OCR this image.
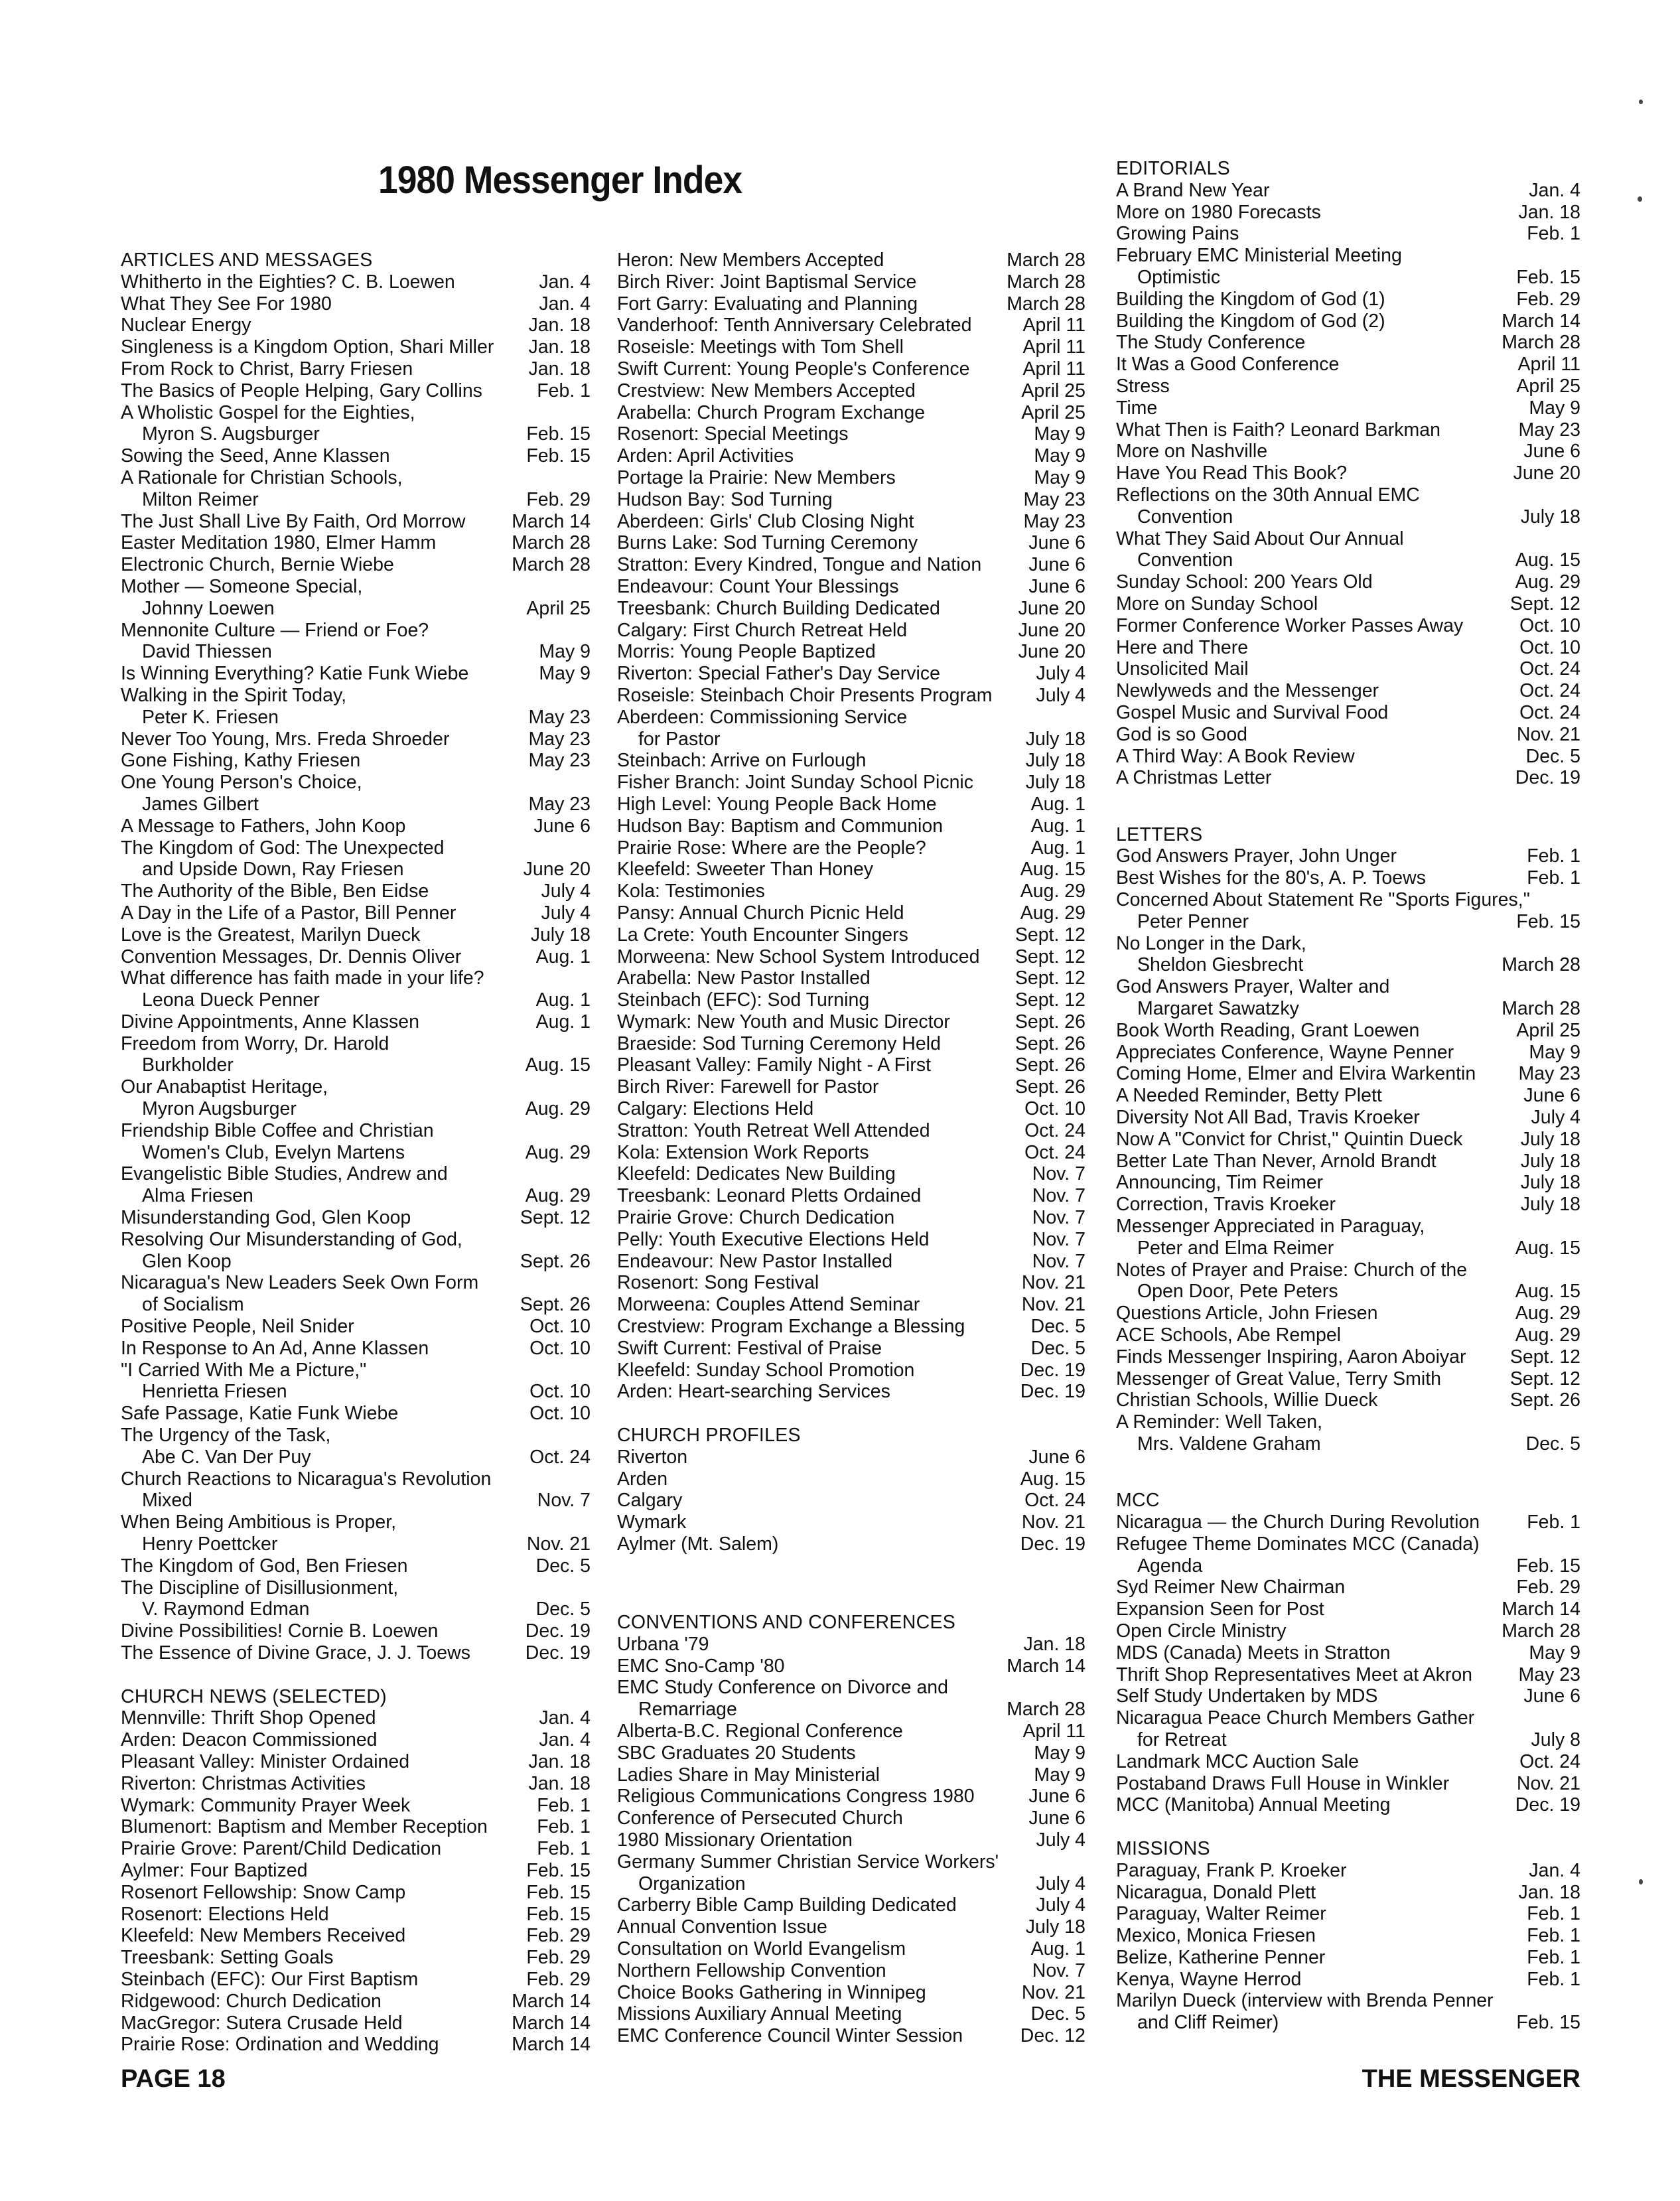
1980 Messenger Index
ARTICLES AND MESSAGES
Whitherto in the Eighties? C. B. Loewen	Jan. 4
What They See For 1980	Jan. 4
Nuclear Energy	Jan. 18
Singleness is a Kingdom Option, Shari Miller	Jan. 18
From Rock to Christ, Barry Friesen	Jan. 18
The Basics of People Helping, Gary Collins	Feb. 1
A Wholistic Gospel for the Eighties,
Myron S. Augsburger	Feb. 15
Sowing the Seed, Anne Klassen	Feb. 15
A Rationale for Christian Schools,
Milton Reimer	Feb. 29
The Just Shall Live By Faith, Ord Morrow	March 14
Easter Meditation 1980, Elmer Hamm	March 28
Electronic Church, Bernie Wiebe	March 28
Mother — Someone Special,
Johnny Loewen	April 25
Mennonite Culture — Friend or Foe?
David Thiessen	May 9
Is Winning Everything? Katie Funk Wiebe	May 9
Walking in the Spirit Today,
Peter K. Friesen	May 23
Never Too Young, Mrs. Freda Shroeder	May 23
Gone Fishing, Kathy Friesen	May 23
One Young Person's Choice,
James Gilbert	May 23
A Message to Fathers, John Koop	June 6
The Kingdom of God: The Unexpected
and Upside Down, Ray Friesen	June 20
The Authority of the Bible, Ben Eidse	July 4
A Day in the Life of a Pastor, Bill Penner	July 4
Love is the Greatest, Marilyn Dueck	July 18
Convention Messages, Dr. Dennis Oliver	Aug. 1
What difference has faith made in your life?
Leona Dueck Penner	Aug. 1
Divine Appointments, Anne Klassen	Aug. 1
Freedom from Worry, Dr. Harold
Burkholder	Aug. 15
Our Anabaptist Heritage,
Myron Augsburger	Aug. 29
Friendship Bible Coffee and Christian
Women's Club, Evelyn Martens	Aug. 29
Evangelistic Bible Studies, Andrew and
Alma Friesen	Aug. 29
Misunderstanding God, Glen Koop	Sept. 12
Resolving Our Misunderstanding of God,
Glen Koop	Sept. 26
Nicaragua's New Leaders Seek Own Form
of Socialism	Sept. 26
Positive People, Neil Snider	Oct. 10
In Response to An Ad, Anne Klassen	Oct. 10
"I Carried With Me a Picture,"
Henrietta Friesen	Oct. 10
Safe Passage, Katie Funk Wiebe	Oct. 10
The Urgency of the Task,
Abe C. Van Der Puy	Oct. 24
Church Reactions to Nicaragua's Revolution
Mixed	Nov. 7
When Being Ambitious is Proper,
Henry Poettcker	Nov. 21
The Kingdom of God, Ben Friesen	Dec. 5
The Discipline of Disillusionment,
V. Raymond Edman	Dec. 5
Divine Possibilities! Cornie B. Loewen	Dec. 19
The Essence of Divine Grace, J. J. Toews	Dec. 19
CHURCH NEWS (SELECTED)
Mennville: Thrift Shop Opened	Jan. 4
Arden: Deacon Commissioned	Jan. 4
Pleasant Valley: Minister Ordained	Jan. 18
Riverton: Christmas Activities	Jan. 18
Wymark: Community Prayer Week	Feb. 1
Blumenort: Baptism and Member Reception	Feb. 1
Prairie Grove: Parent/Child Dedication	Feb. 1
Aylmer: Four Baptized	Feb. 15
Rosenort Fellowship: Snow Camp	Feb. 15
Rosenort: Elections Held	Feb. 15
Kleefeld: New Members Received	Feb. 29
Treesbank: Setting Goals	Feb. 29
Steinbach (EFC): Our First Baptism	Feb. 29
Ridgewood: Church Dedication	March 14
MacGregor: Sutera Crusade Held	March 14
Prairie Rose: Ordination and Wedding	March 14
Heron: New Members Accepted	March 28
Birch River: Joint Baptismal Service	March 28
Fort Garry: Evaluating and Planning	March 28
Vanderhoof: Tenth Anniversary Celebrated	April 11
Roseisle: Meetings with Tom Shell	April 11
Swift Current: Young People's Conference	April 11
Crestview: New Members Accepted	April 25
Arabella: Church Program Exchange	April 25
Rosenort: Special Meetings	May 9
Arden: April Activities	May 9
Portage la Prairie: New Members	May 9
Hudson Bay: Sod Turning	May 23
Aberdeen: Girls' Club Closing Night	May 23
Burns Lake: Sod Turning Ceremony	June 6
Stratton: Every Kindred, Tongue and Nation	June 6
Endeavour: Count Your Blessings	June 6
Treesbank: Church Building Dedicated	June 20
Calgary: First Church Retreat Held	June 20
Morris: Young People Baptized	June 20
Riverton: Special Father's Day Service	July 4
Roseisle: Steinbach Choir Presents Program	July 4
Aberdeen: Commissioning Service
for Pastor	July 18
Steinbach: Arrive on Furlough	July 18
Fisher Branch: Joint Sunday School Picnic	July 18
High Level: Young People Back Home	Aug. 1
Hudson Bay: Baptism and Communion	Aug. 1
Prairie Rose: Where are the People?	Aug. 1
Kleefeld: Sweeter Than Honey	Aug. 15
Kola: Testimonies	Aug. 29
Pansy: Annual Church Picnic Held	Aug. 29
La Crete: Youth Encounter Singers	Sept. 12
Morweena: New School System Introduced	Sept. 12
Arabella: New Pastor Installed	Sept. 12
Steinbach (EFC): Sod Turning	Sept. 12
Wymark: New Youth and Music Director	Sept. 26
Braeside: Sod Turning Ceremony Held	Sept. 26
Pleasant Valley: Family Night - A First	Sept. 26
Birch River: Farewell for Pastor	Sept. 26
Calgary: Elections Held	Oct. 10
Stratton: Youth Retreat Well Attended	Oct. 24
Kola: Extension Work Reports	Oct. 24
Kleefeld: Dedicates New Building	Nov. 7
Treesbank: Leonard Pletts Ordained	Nov. 7
Prairie Grove: Church Dedication	Nov. 7
Pelly: Youth Executive Elections Held	Nov. 7
Endeavour: New Pastor Installed	Nov. 7
Rosenort: Song Festival	Nov. 21
Morweena: Couples Attend Seminar	Nov. 21
Crestview: Program Exchange a Blessing	Dec. 5
Swift Current: Festival of Praise	Dec. 5
Kleefeld: Sunday School Promotion	Dec. 19
Arden: Heart-searching Services	Dec. 19
CHURCH PROFILES
Riverton	June 6
Arden	Aug. 15
Calgary	Oct. 24
Wymark	Nov. 21
Aylmer (Mt. Salem)	Dec. 19
CONVENTIONS AND CONFERENCES
Urbana '79	Jan. 18
EMC Sno-Camp '80	March 14
EMC Study Conference on Divorce and
Remarriage	March 28
Alberta-B.C. Regional Conference	April 11
SBC Graduates 20 Students	May 9
Ladies Share in May Ministerial	May 9
Religious Communications Congress 1980	June 6
Conference of Persecuted Church	June 6
1980 Missionary Orientation	July 4
Germany Summer Christian Service Workers'
Organization	July 4
Carberry Bible Camp Building Dedicated	July 4
Annual Convention Issue	July 18
Consultation on World Evangelism	Aug. 1
Northern Fellowship Convention	Nov. 7
Choice Books Gathering in Winnipeg	Nov. 21
Missions Auxiliary Annual Meeting	Dec. 5
EMC Conference Council Winter Session	Dec. 12
EDITORIALS
A Brand New Year	Jan. 4
More on 1980 Forecasts	Jan. 18
Growing Pains	Feb. 1
February EMC Ministerial Meeting
Optimistic	Feb. 15
Building the Kingdom of God (1)	Feb. 29
Building the Kingdom of God (2)	March 14
The Study Conference	March 28
It Was a Good Conference	April 11
Stress	April 25
Time	May 9
What Then is Faith? Leonard Barkman	May 23
More on Nashville	June 6
Have You Read This Book?	June 20
Reflections on the 30th Annual EMC
Convention	July 18
What They Said About Our Annual
Convention	Aug. 15
Sunday School: 200 Years Old	Aug. 29
More on Sunday School	Sept. 12
Former Conference Worker Passes Away	Oct. 10
Here and There	Oct. 10
Unsolicited Mail	Oct. 24
Newlyweds and the Messenger	Oct. 24
Gospel Music and Survival Food	Oct. 24
God is so Good	Nov. 21
A Third Way: A Book Review	Dec. 5
A Christmas Letter	Dec. 19
LETTERS
God Answers Prayer, John Unger	Feb. 1
Best Wishes for the 80's, A. P. Toews	Feb. 1
Concerned About Statement Re "Sports Figures,"
Peter Penner	Feb. 15
No Longer in the Dark,
Sheldon Giesbrecht	March 28
God Answers Prayer, Walter and
Margaret Sawatzky	March 28
Book Worth Reading, Grant Loewen	April 25
Appreciates Conference, Wayne Penner	May 9
Coming Home, Elmer and Elvira Warkentin	May 23
A Needed Reminder, Betty Plett	June 6
Diversity Not All Bad, Travis Kroeker	July 4
Now A "Convict for Christ," Quintin Dueck	July 18
Better Late Than Never, Arnold Brandt	July 18
Announcing, Tim Reimer	July 18
Correction, Travis Kroeker	July 18
Messenger Appreciated in Paraguay,
Peter and Elma Reimer	Aug. 15
Notes of Prayer and Praise: Church of the
Open Door, Pete Peters	Aug. 15
Questions Article, John Friesen	Aug. 29
ACE Schools, Abe Rempel	Aug. 29
Finds Messenger Inspiring, Aaron Aboiyar	Sept. 12
Messenger of Great Value, Terry Smith	Sept. 12
Christian Schools, Willie Dueck	Sept. 26
A Reminder: Well Taken,
Mrs. Valdene Graham	Dec. 5
MCC
Nicaragua — the Church During Revolution	Feb. 1
Refugee Theme Dominates MCC (Canada)
Agenda	Feb. 15
Syd Reimer New Chairman	Feb. 29
Expansion Seen for Post	March 14
Open Circle Ministry	March 28
MDS (Canada) Meets in Stratton	May 9
Thrift Shop Representatives Meet at Akron	May 23
Self Study Undertaken by MDS	June 6
Nicaragua Peace Church Members Gather
for Retreat	July 8
Landmark MCC Auction Sale	Oct. 24
Postaband Draws Full House in Winkler	Nov. 21
MCC (Manitoba) Annual Meeting	Dec. 19
MISSIONS
Paraguay, Frank P. Kroeker	Jan. 4
Nicaragua, Donald Plett	Jan. 18
Paraguay, Walter Reimer	Feb. 1
Mexico, Monica Friesen	Feb. 1
Belize, Katherine Penner	Feb. 1
Kenya, Wayne Herrod	Feb. 1
Marilyn Dueck (interview with Brenda Penner
and Cliff Reimer)	Feb. 15
PAGE 18	THE MESSENGER
